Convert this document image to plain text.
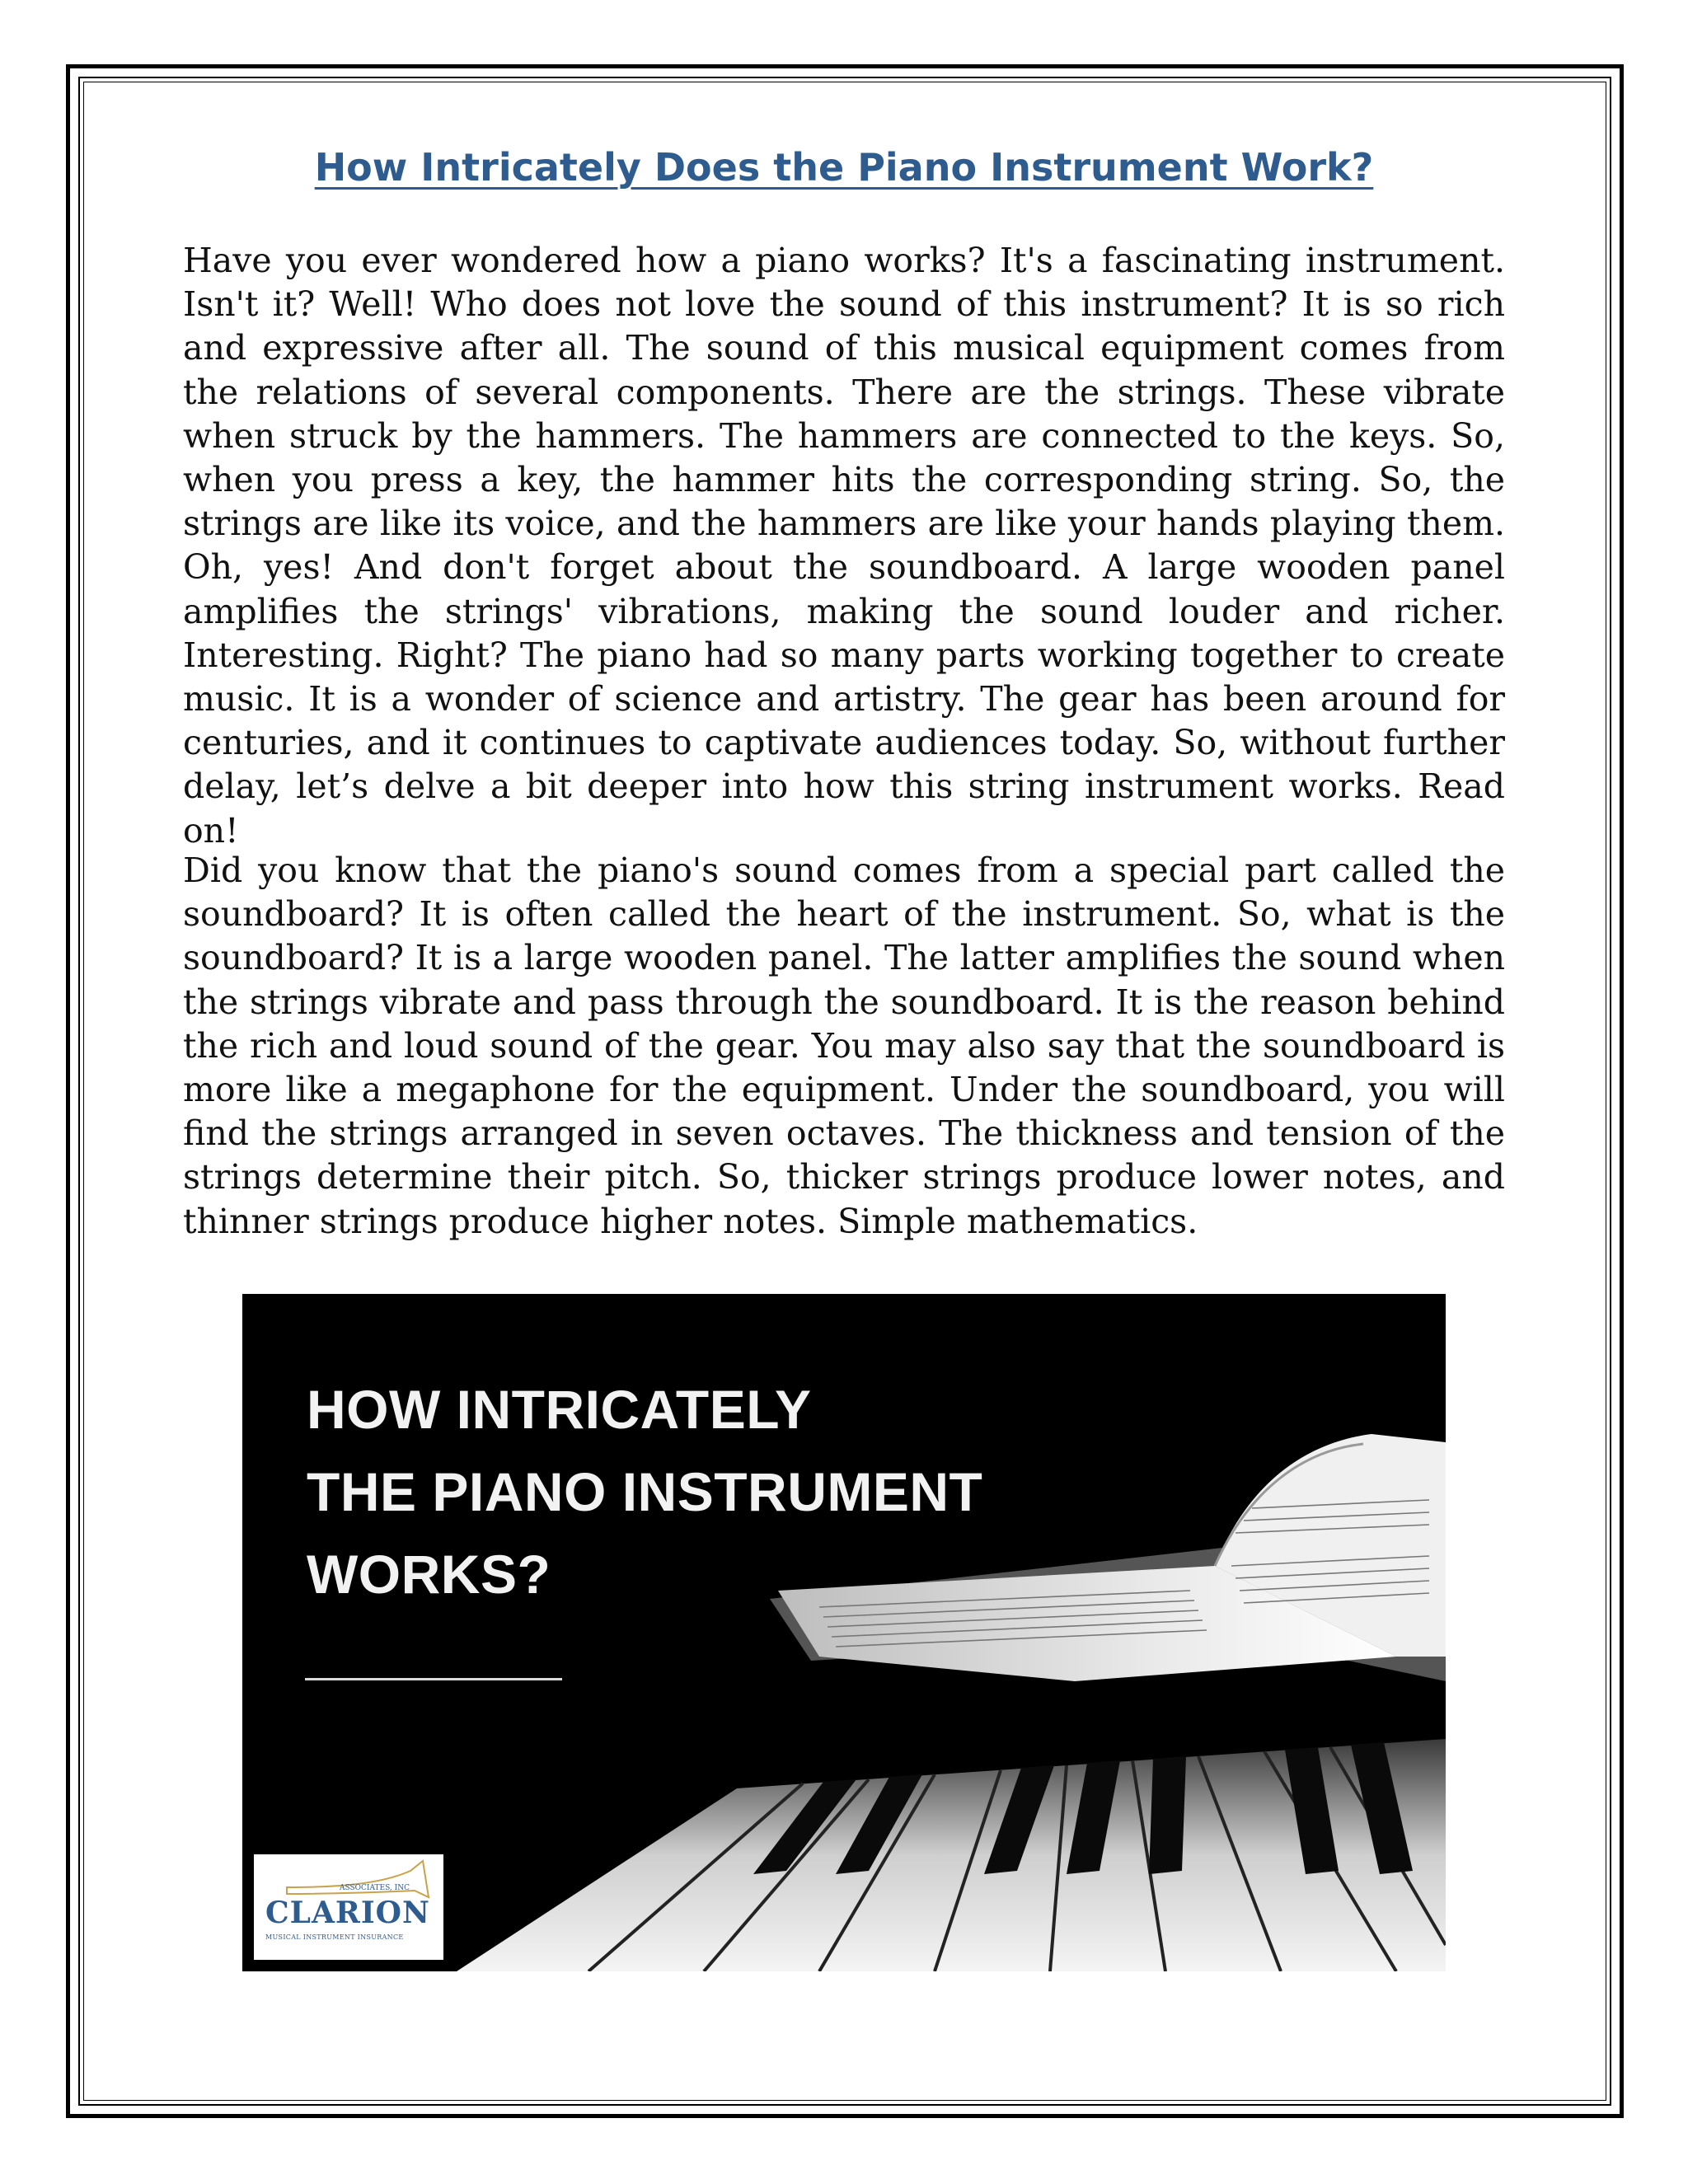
How Intricately Does the Piano Instrument Work?

Have you ever wondered how a piano works? It's a fascinating instrument. Isn't it? Well! Who does not love the sound of this instrument? It is so rich and expressive after all. The sound of this musical equipment comes from the relations of several components. There are the strings. These vibrate when struck by the hammers. The hammers are connected to the keys. So, when you press a key, the hammer hits the corresponding string. So, the strings are like its voice, and the hammers are like your hands playing them. Oh, yes! And don't forget about the soundboard. A large wooden panel amplifies the strings' vibrations, making the sound louder and richer. Interesting. Right? The piano had so many parts working together to create music. It is a wonder of science and artistry. The gear has been around for centuries, and it continues to captivate audiences today. So, without further delay, let’s delve a bit deeper into how this string instrument works. Read on!

Did you know that the piano's sound comes from a special part called the soundboard? It is often called the heart of the instrument. So, what is the soundboard? It is a large wooden panel. The latter amplifies the sound when the strings vibrate and pass through the soundboard. It is the reason behind the rich and loud sound of the gear. You may also say that the soundboard is more like a megaphone for the equipment. Under the soundboard, you will find the strings arranged in seven octaves. The thickness and tension of the strings determine their pitch. So, thicker strings produce lower notes, and thinner strings produce higher notes. Simple mathematics.

HOW INTRICATELY
THE PIANO INSTRUMENT
WORKS?
ASSOCIATES, INC

CLARION

MUSICAL INSTRUMENT INSURANCE
